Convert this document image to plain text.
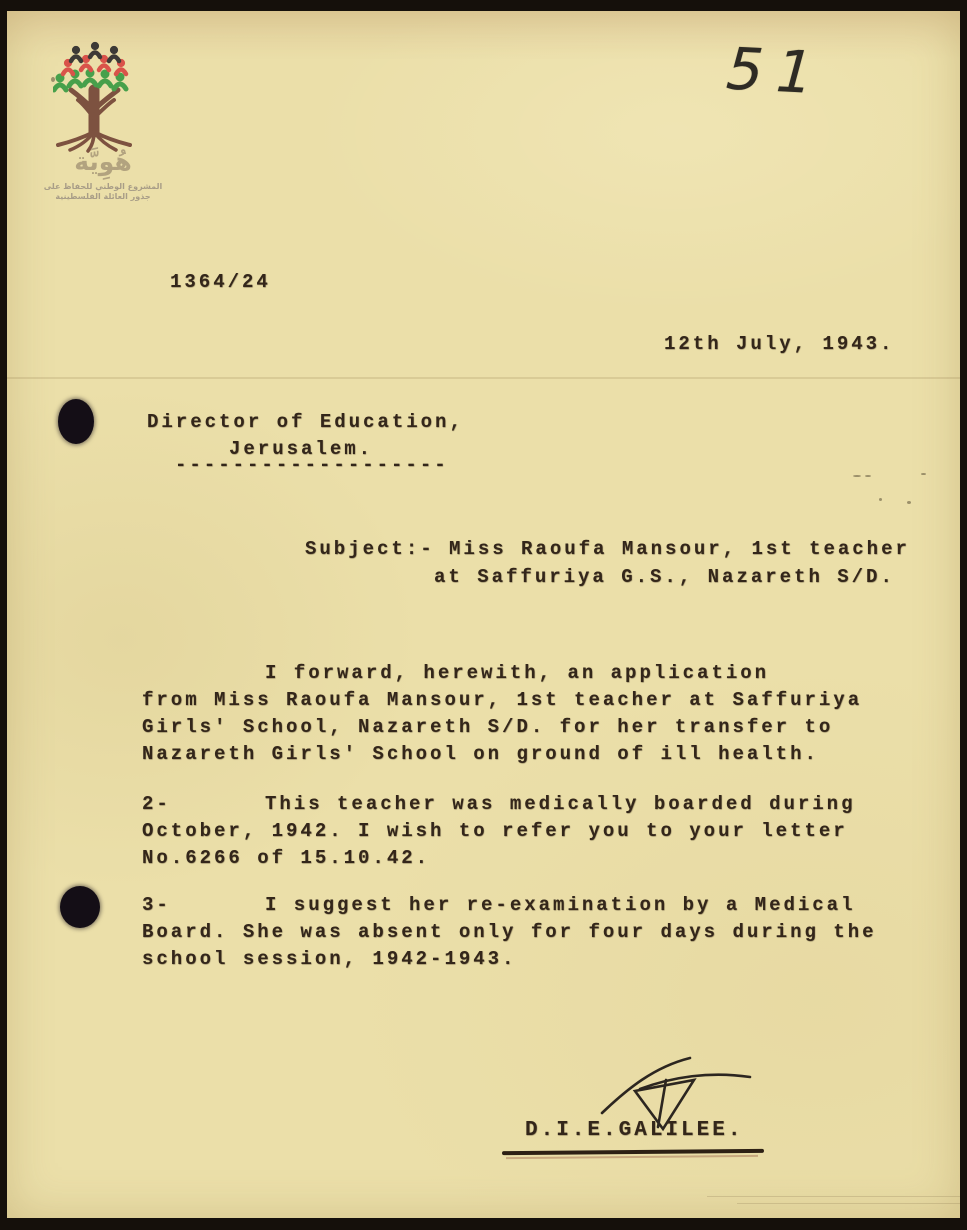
هُوِيَّة
المشروع الوطني للحفاظ على
جذور العائلة الفلسطينية
51
1364/24
12th July, 1943.
Director of Education,
Jerusalem.
-------------------
Subject:- Miss Raoufa Mansour, 1st teacher
at Saffuriya G.S., Nazareth S/D.
I forward, herewith, an application
from Miss Raoufa Mansour, 1st teacher at Saffuriya
Girls' School, Nazareth S/D. for her transfer to
Nazareth Girls' School on ground of ill health.
2-	This teacher was medically boarded during
October, 1942. I wish to refer you to your letter
No.6266 of 15.10.42.
3-	I suggest her re-examination by a Medical
Board. She was absent only for four days during the
school session, 1942-1943.
D.I.E.GALILEE.
